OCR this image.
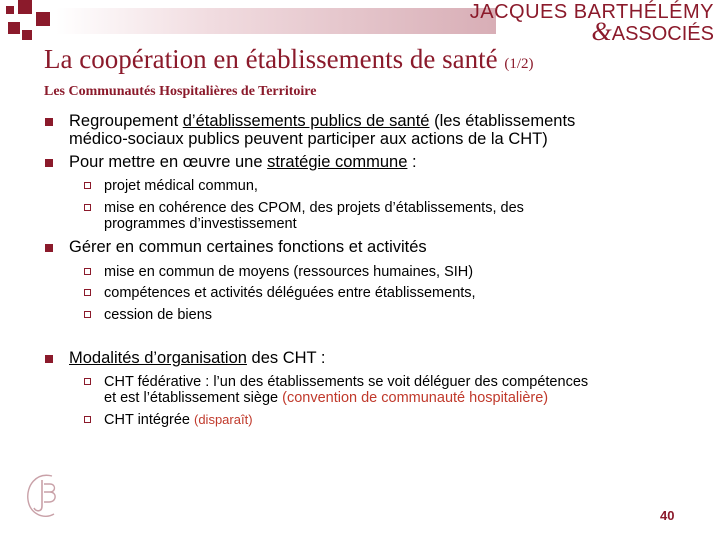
JACQUES BARTHÉLÉMY
&ASSOCIÉS
La coopération en établissements de santé (1/2)
Les Communautés Hospitalières de Territoire
Regroupement d’établissements publics de santé (les établissements
médico-sociaux publics peuvent participer aux actions de la CHT)
Pour mettre en œuvre une stratégie commune :
projet médical commun,
mise en cohérence des CPOM, des projets d’établissements, des
programmes d’investissement
Gérer en commun certaines fonctions et activités
mise en commun de moyens (ressources humaines, SIH)
compétences et activités déléguées entre établissements,
cession de biens
Modalités d’organisation des CHT :
CHT fédérative : l’un des établissements se voit déléguer des compétences
et est l’établissement siège (convention de communauté hospitalière)
CHT intégrée (disparaît)
40
